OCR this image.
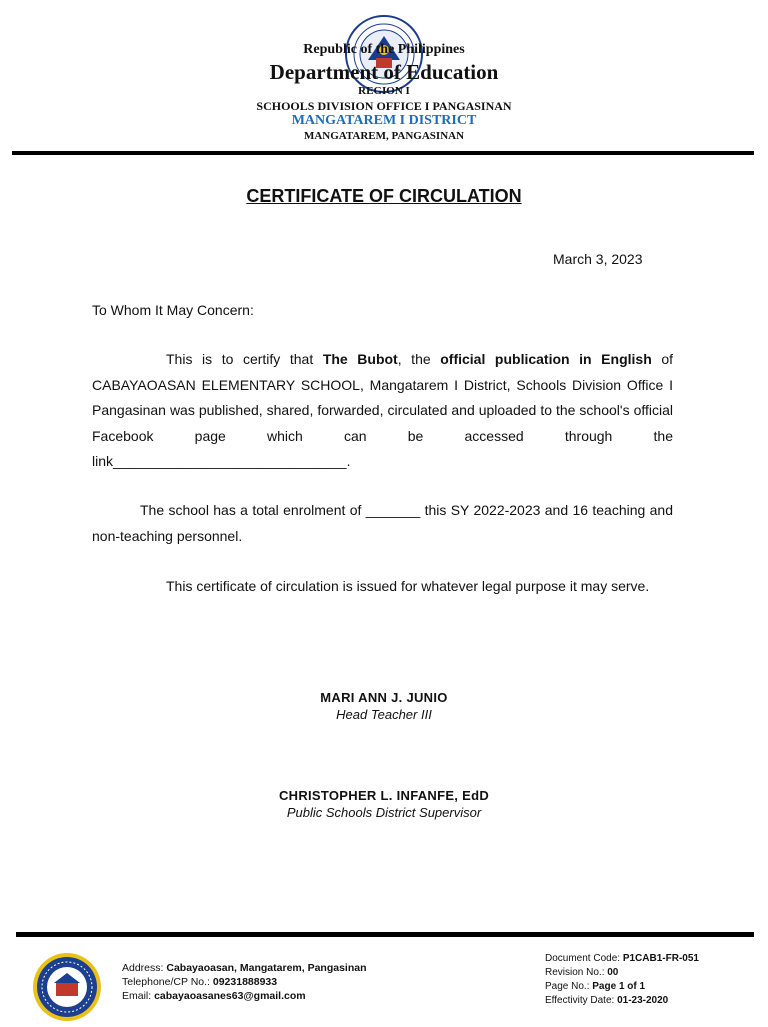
Republic of the Philippines
Department of Education
REGION I
SCHOOLS DIVISION OFFICE I PANGASINAN
MANGATAREM I DISTRICT
MANGATAREM, PANGASINAN
CERTIFICATE OF CIRCULATION
March 3, 2023
To Whom It May Concern:
This is to certify that The Bubot, the official publication in English of CABAYAOASAN ELEMENTARY SCHOOL, Mangatarem I District, Schools Division Office I Pangasinan was published, shared, forwarded, circulated and uploaded to the school's official Facebook page which can be accessed through the link______________________________.
The school has a total enrolment of _______ this SY 2022-2023 and 16 teaching and non-teaching personnel.
This certificate of circulation is issued for whatever legal purpose it may serve.
MARI ANN J. JUNIO
Head Teacher III
CHRISTOPHER L. INFANFE, EdD
Public Schools District Supervisor
Address: Cabayaoasan, Mangatarem, Pangasinan
Telephone/CP No.: 09231888933
Email: cabayaoasanes63@gmail.com
Document Code: P1CAB1-FR-051
Revision No.: 00
Page No.: Page 1 of 1
Effectivity Date: 01-23-2020
